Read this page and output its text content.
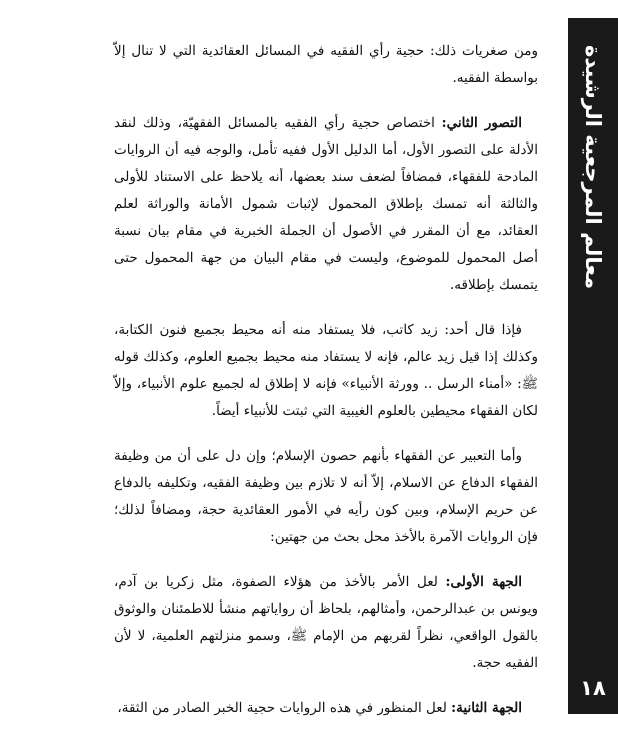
معالم المرجعية الرشيدة
١٨

ومن صغريات ذلك: حجية رأي الفقيه في المسائل العقائدية التي لا تنال إلاّ بواسطة الفقيه.

التصور الثاني: اختصاص حجية رأي الفقيه بالمسائل الفقهيّة، وذلك لنقد الأدلة على التصور الأول، أما الدليل الأول ففيه تأمل، والوجه فيه أن الروايات المادحة للفقهاء، فمضافاً لضعف سند بعضها، أنه يلاحظ على الاستناد للأولى والثالثة أنه تمسك بإطلاق المحمول لإثبات شمول الأمانة والوراثة لعلم العقائد، مع أن المقرر في الأصول أن الجملة الخبرية في مقام بيان نسبة أصل المحمول للموضوع، وليست في مقام البيان من جهة المحمول حتى يتمسك بإطلاقه.

فإذا قال أحد: زيد كاتب، فلا يستفاد منه أنه محيط بجميع فنون الكتابة، وكذلك إذا قيل زيد عالم، فإنه لا يستفاد منه محيط بجميع العلوم، وكذلك قوله ﷺ: «أمناء الرسل .. وورثة الأنبياء» فإنه لا إطلاق له لجميع علوم الأنبياء، وإلاّ لكان الفقهاء محيطين بالعلوم الغيبية التي ثبتت للأنبياء أيضاً.

وأما التعبير عن الفقهاء بأنهم حصون الإسلام؛ وإن دل على أن من وظيفة الفقهاء الدفاع عن الاسلام، إلاّ أنه لا تلازم بين وظيفة الفقيه، وتكليفه بالدفاع عن حريم الإسلام، وبين كون رأيه في الأمور العقائدية حجة، ومضافاً لذلك؛ فإن الروايات الآمرة بالأخذ محل بحث من جهتين:

الجهة الأولى: لعل الأمر بالأخذ من هؤلاء الصفوة، مثل زكريا بن آدم، ويونس بن عبدالرحمن، وأمثالهم، بلحاظ أن رواياتهم منشأ للاطمئنان والوثوق بالقول الواقعي، نظراً لقربهم من الإمام ﷺ، وسمو منزلتهم العلمية، لا لأن الفقيه حجة.

الجهة الثانية: لعل المنظور في هذه الروايات حجية الخبر الصادر من الثقة،
